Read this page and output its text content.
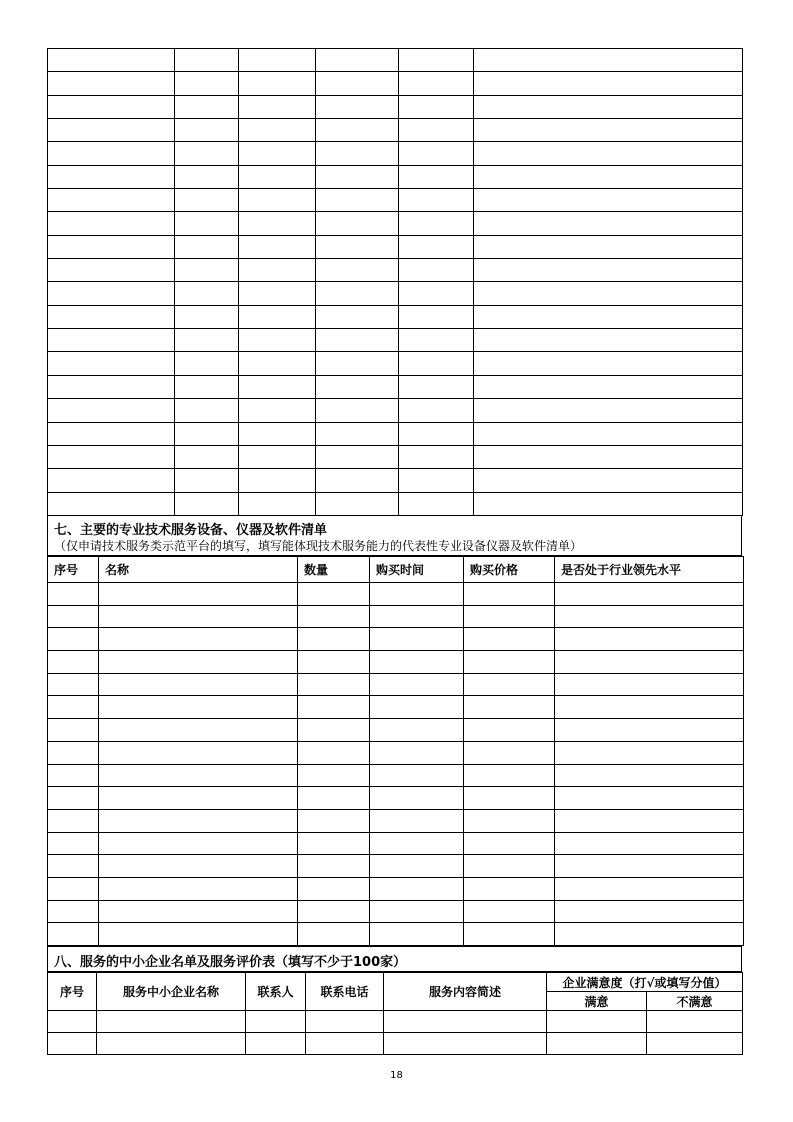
七、主要的专业技术服务设备、仪器及软件清单
（仅申请技术服务类示范平台的填写，填写能体现技术服务能力的代表性专业设备仪器及软件清单）
序号	名称	数量	购买时间	购买价格	是否处于行业领先水平

八、服务的中小企业名单及服务评价表（填写不少于100家）
序号	服务中小企业名称	联系人	联系电话	服务内容简述	企业满意度（打√或填写分值）	
					满意	不满意

18
